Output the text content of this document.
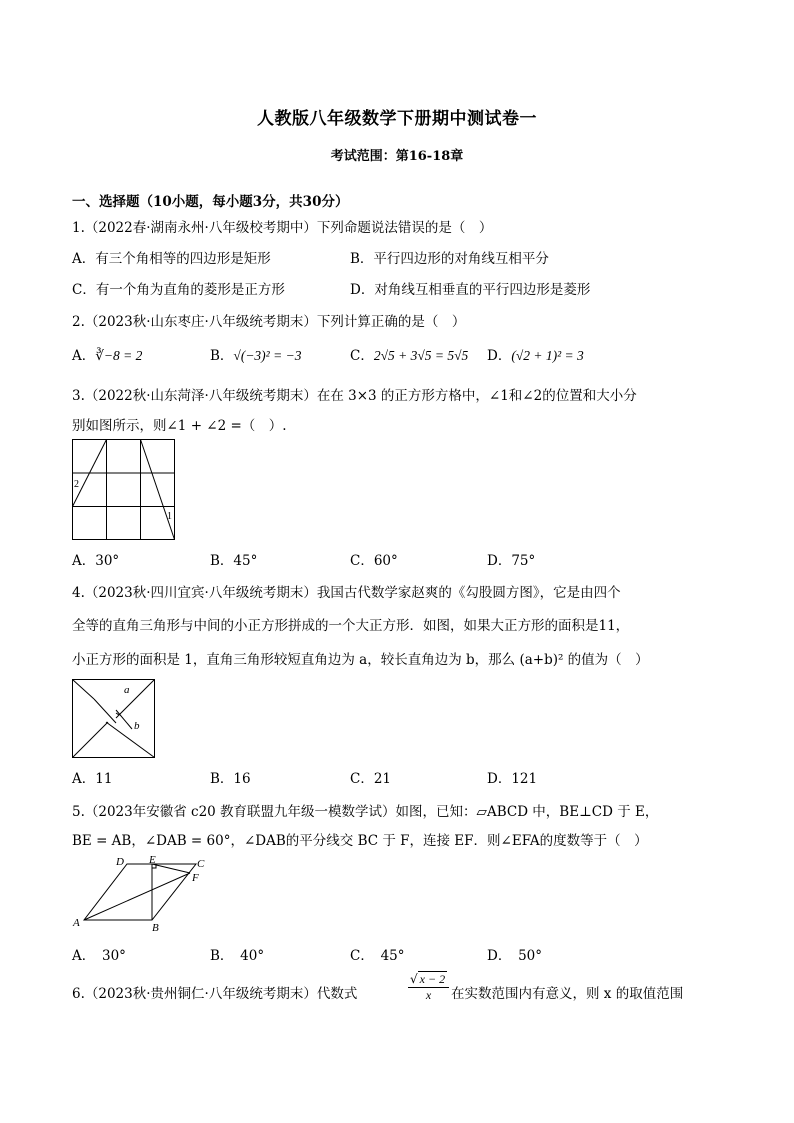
人教版八年级数学下册期中测试卷一
考试范围：第16-18章
一、选择题（10小题，每小题3分，共30分）
1.（2022春·湖南永州·八年级校考期中）下列命题说法错误的是（　）
A．有三个角相等的四边形是矩形	B．平行四边形的对角线互相平分
C．有一个角为直角的菱形是正方形	D．对角线互相垂直的平行四边形是菱形
2.（2023秋·山东枣庄·八年级统考期末）下列计算正确的是（　）
A．∛−8 = 2	B．√(−3)² = −3	C．2√5 + 3√5 = 5√5 D．(√2 + 1)² = 3
3.（2022秋·山东菏泽·八年级统考期末）在在 3×3 的正方形方格中，∠1和∠2的位置和大小分
别如图所示，则∠1 + ∠2 =（　）.
2
1
A．30°	B．45°	C．60°	D．75°
4.（2023秋·四川宜宾·八年级统考期末）我国古代数学家赵爽的《勾股圆方图》，它是由四个
全等的直角三角形与中间的小正方形拼成的一个大正方形．如图，如果大正方形的面积是11，
小正方形的面积是 1，直角三角形较短直角边为 a，较长直角边为 b，那么 (a+b)² 的值为（　）
a
b
A．11	B．16	C．21	D．121
5.（2023年安徽省 c20 教育联盟九年级一模数学试）如图，已知：▱ABCD 中，BE⊥CD 于 E，
BE = AB，∠DAB = 60°，∠DAB的平分线交 BC 于 F，连接 EF．则∠EFA的度数等于（　）
D E	C
F
A	B
A．　30°	B．　40°	C．　45°	D．　50°
6.（2023秋·贵州铜仁·八年级统考期末）代数式
√ x − 2
x	在实数范围内有意义，则 x 的取值范围
